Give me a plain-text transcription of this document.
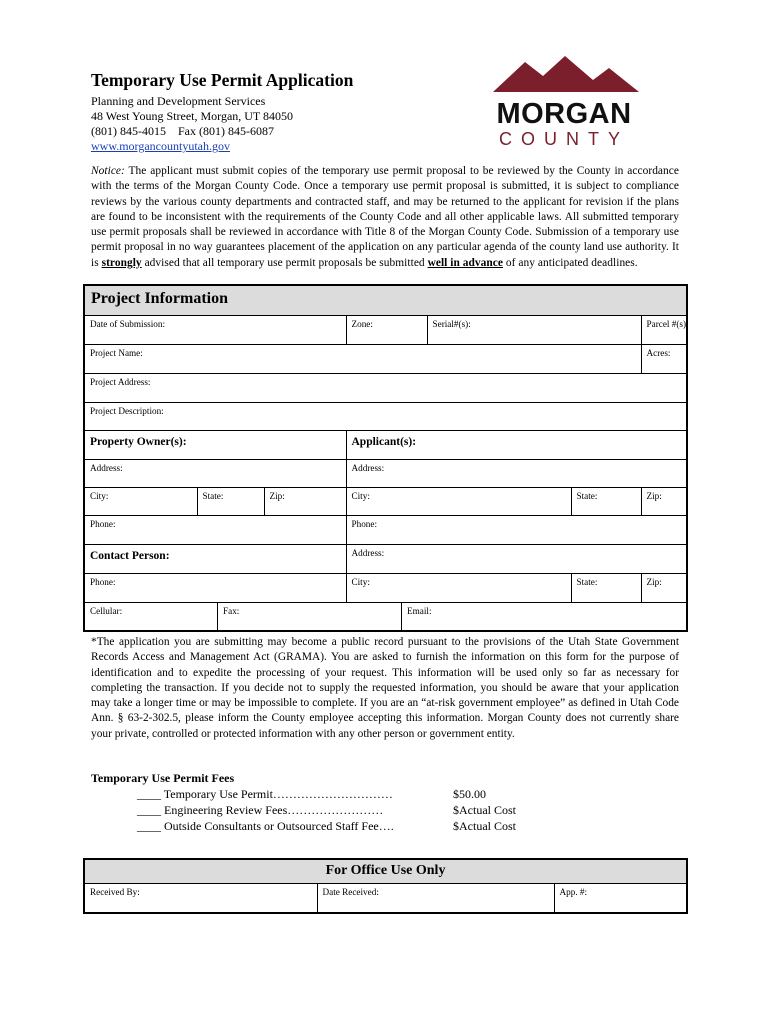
Temporary Use Permit Application
Planning and Development Services
48 West Young Street, Morgan, UT 84050
(801) 845-4015    Fax (801) 845-6087
www.morgancountyutah.gov
MORGAN
COUNTY
Notice: The applicant must submit copies of the temporary use permit proposal to be reviewed by the County in accordance with the terms of the Morgan County Code. Once a temporary use permit proposal is submitted, it is subject to compliance reviews by the various county departments and contracted staff, and may be returned to the applicant for revision if the plans are found to be inconsistent with the requirements of the County Code and all other applicable laws. All submitted temporary use permit proposals shall be reviewed in accordance with Title 8 of the Morgan County Code. Submission of a temporary use permit proposal in no way guarantees placement of the application on any particular agenda of the county land use authority. It is strongly advised that all temporary use permit proposals be submitted well in advance of any anticipated deadlines.
Project Information						
Date of Submission:			Zone:	Serial#(s):		Parcel #(s):
Project Name:						Acres:
Project Address:						
Project Description:						
Property Owner(s):			Applicant(s):			
Address:			Address:			
City:	State:	Zip:	City:		State:	Zip:
Phone:			Phone:			
Contact Person:			Address:			
Phone:			City:		State:	Zip:

Cellular: Fax: Email:						
*The application you are submitting may become a public record pursuant to the provisions of the Utah State Government Records Access and Management Act (GRAMA). You are asked to furnish the information on this form for the purpose of identification and to expedite the processing of your request. This information will be used only so far as necessary for completing the transaction. If you decide not to supply the requested information, you should be aware that your application may take a longer time or may be impossible to complete. If you are an “at-risk government employee” as defined in Utah Code Ann. § 63-2-302.5, please inform the County employee accepting this information. Morgan County does not currently share your private, controlled or protected information with any other person or government entity.
Temporary Use Permit Fees
____ Temporary Use Permit…………………………	$50.00
____ Engineering Review Fees……………………	$Actual Cost
____ Outside Consultants or Outsourced Staff Fee….	$Actual Cost
For Office Use Only
Received By:	Date Received:	App. #:
